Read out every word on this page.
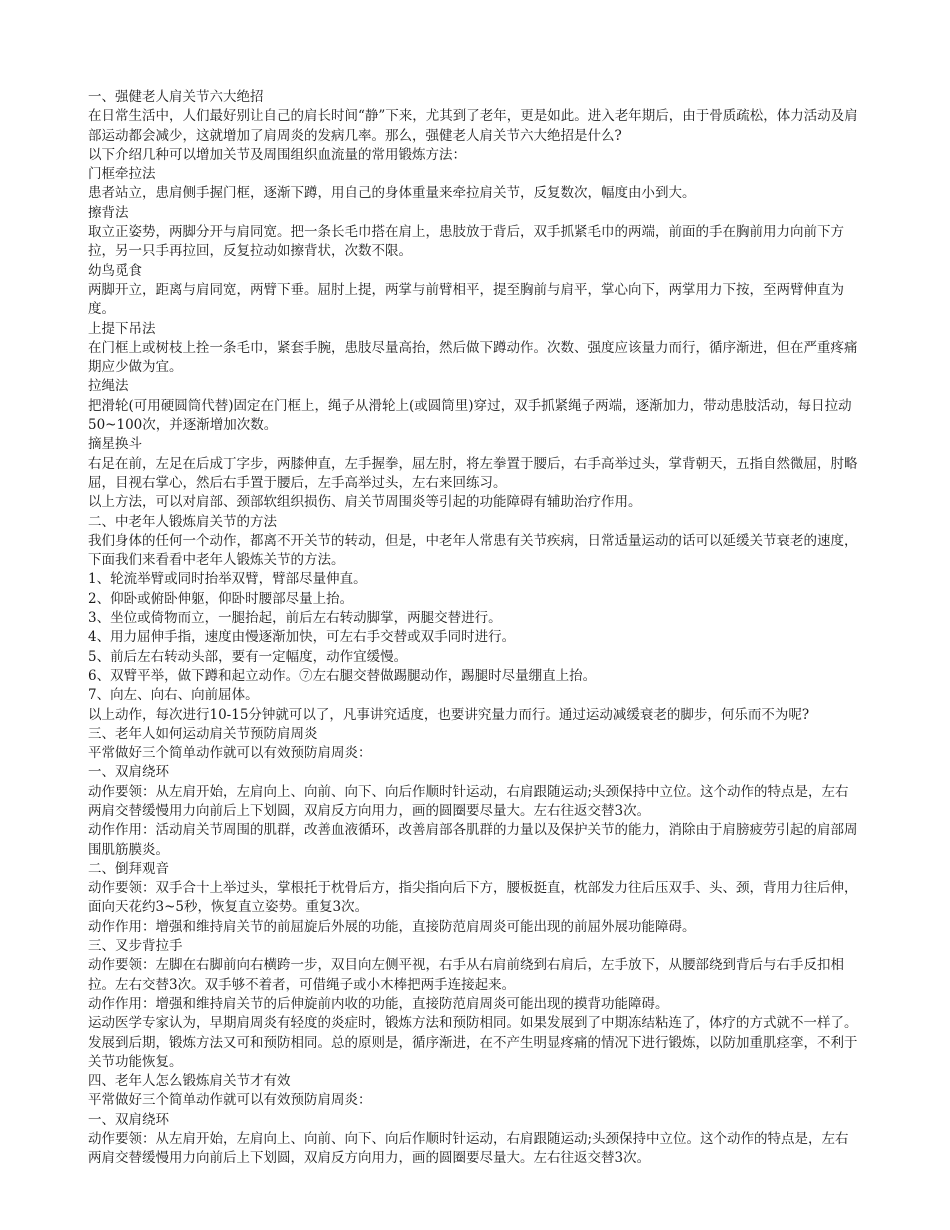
一、强健老人肩关节六大绝招

在日常生活中，人们最好别让自己的肩长时间“静”下来，尤其到了老年，更是如此。进入老年期后，由于骨质疏松，体力活动及肩部运动都会减少，这就增加了肩周炎的发病几率。那么，强健老人肩关节六大绝招是什么?

以下介绍几种可以增加关节及周围组织血流量的常用锻炼方法：

门框牵拉法

患者站立，患肩侧手握门框，逐渐下蹲，用自己的身体重量来牵拉肩关节，反复数次，幅度由小到大。

擦背法

取立正姿势，两脚分开与肩同宽。把一条长毛巾搭在肩上，患肢放于背后，双手抓紧毛巾的两端，前面的手在胸前用力向前下方拉，另一只手再拉回，反复拉动如擦背状，次数不限。

幼鸟觅食

两脚开立，距离与肩同宽，两臂下垂。屈肘上提，两掌与前臂相平，提至胸前与肩平，掌心向下，两掌用力下按，至两臂伸直为度。

上提下吊法

在门框上或树枝上拴一条毛巾，紧套手腕，患肢尽量高抬，然后做下蹲动作。次数、强度应该量力而行，循序渐进，但在严重疼痛期应少做为宜。

拉绳法

把滑轮(可用硬圆筒代替)固定在门框上，绳子从滑轮上(或圆筒里)穿过，双手抓紧绳子两端，逐渐加力，带动患肢活动，每日拉动50~100次，并逐渐增加次数。

摘星换斗

右足在前，左足在后成丁字步，两膝伸直，左手握拳，屈左肘，将左拳置于腰后，右手高举过头，掌背朝天，五指自然微屈，肘略屈，目视右掌心，然后右手置于腰后，左手高举过头，左右来回练习。

以上方法，可以对肩部、颈部软组织损伤、肩关节周围炎等引起的功能障碍有辅助治疗作用。

二、中老年人锻炼肩关节的方法

我们身体的任何一个动作，都离不开关节的转动，但是，中老年人常患有关节疾病，日常适量运动的话可以延缓关节衰老的速度，下面我们来看看中老年人锻炼关节的方法。

1、轮流举臂或同时抬举双臂，臂部尽量伸直。

2、仰卧或俯卧伸躯，仰卧时腰部尽量上抬。

3、坐位或倚物而立，一腿抬起，前后左右转动脚掌，两腿交替进行。

4、用力屈伸手指，速度由慢逐渐加快，可左右手交替或双手同时进行。

5、前后左右转动头部，要有一定幅度，动作宜缓慢。

6、双臂平举，做下蹲和起立动作。⑦左右腿交替做踢腿动作，踢腿时尽量绷直上抬。

7、向左、向右、向前屈体。

以上动作，每次进行10-15分钟就可以了，凡事讲究适度，也要讲究量力而行。通过运动减缓衰老的脚步，何乐而不为呢?

三、老年人如何运动肩关节预防肩周炎

平常做好三个简单动作就可以有效预防肩周炎：

一、双肩绕环

动作要领：从左肩开始，左肩向上、向前、向下、向后作顺时针运动，右肩跟随运动;头颈保持中立位。这个动作的特点是，左右两肩交替缓慢用力向前后上下划圆，双肩反方向用力，画的圆圈要尽量大。左右往返交替3次。

动作作用：活动肩关节周围的肌群，改善血液循环，改善肩部各肌群的力量以及保护关节的能力，消除由于肩膀疲劳引起的肩部周围肌筋膜炎。

二、倒拜观音

动作要领：双手合十上举过头，掌根托于枕骨后方，指尖指向后下方，腰板挺直，枕部发力往后压双手、头、颈，背用力往后伸，面向天花约3~5秒，恢复直立姿势。重复3次。

动作作用：增强和维持肩关节的前屈旋后外展的功能，直接防范肩周炎可能出现的前屈外展功能障碍。

三、叉步背拉手

动作要领：左脚在右脚前向右横跨一步，双目向左侧平视，右手从右肩前绕到右肩后，左手放下，从腰部绕到背后与右手反扣相拉。左右交替3次。双手够不着者，可借绳子或小木棒把两手连接起来。

动作作用：增强和维持肩关节的后伸旋前内收的功能，直接防范肩周炎可能出现的摸背功能障碍。

运动医学专家认为，早期肩周炎有轻度的炎症时，锻炼方法和预防相同。如果发展到了中期冻结粘连了，体疗的方式就不一样了。发展到后期，锻炼方法又可和预防相同。总的原则是，循序渐进，在不产生明显疼痛的情况下进行锻炼，以防加重肌痉挛，不利于关节功能恢复。

四、老年人怎么锻炼肩关节才有效

平常做好三个简单动作就可以有效预防肩周炎：

一、双肩绕环

动作要领：从左肩开始，左肩向上、向前、向下、向后作顺时针运动，右肩跟随运动;头颈保持中立位。这个动作的特点是，左右两肩交替缓慢用力向前后上下划圆，双肩反方向用力，画的圆圈要尽量大。左右往返交替3次。
